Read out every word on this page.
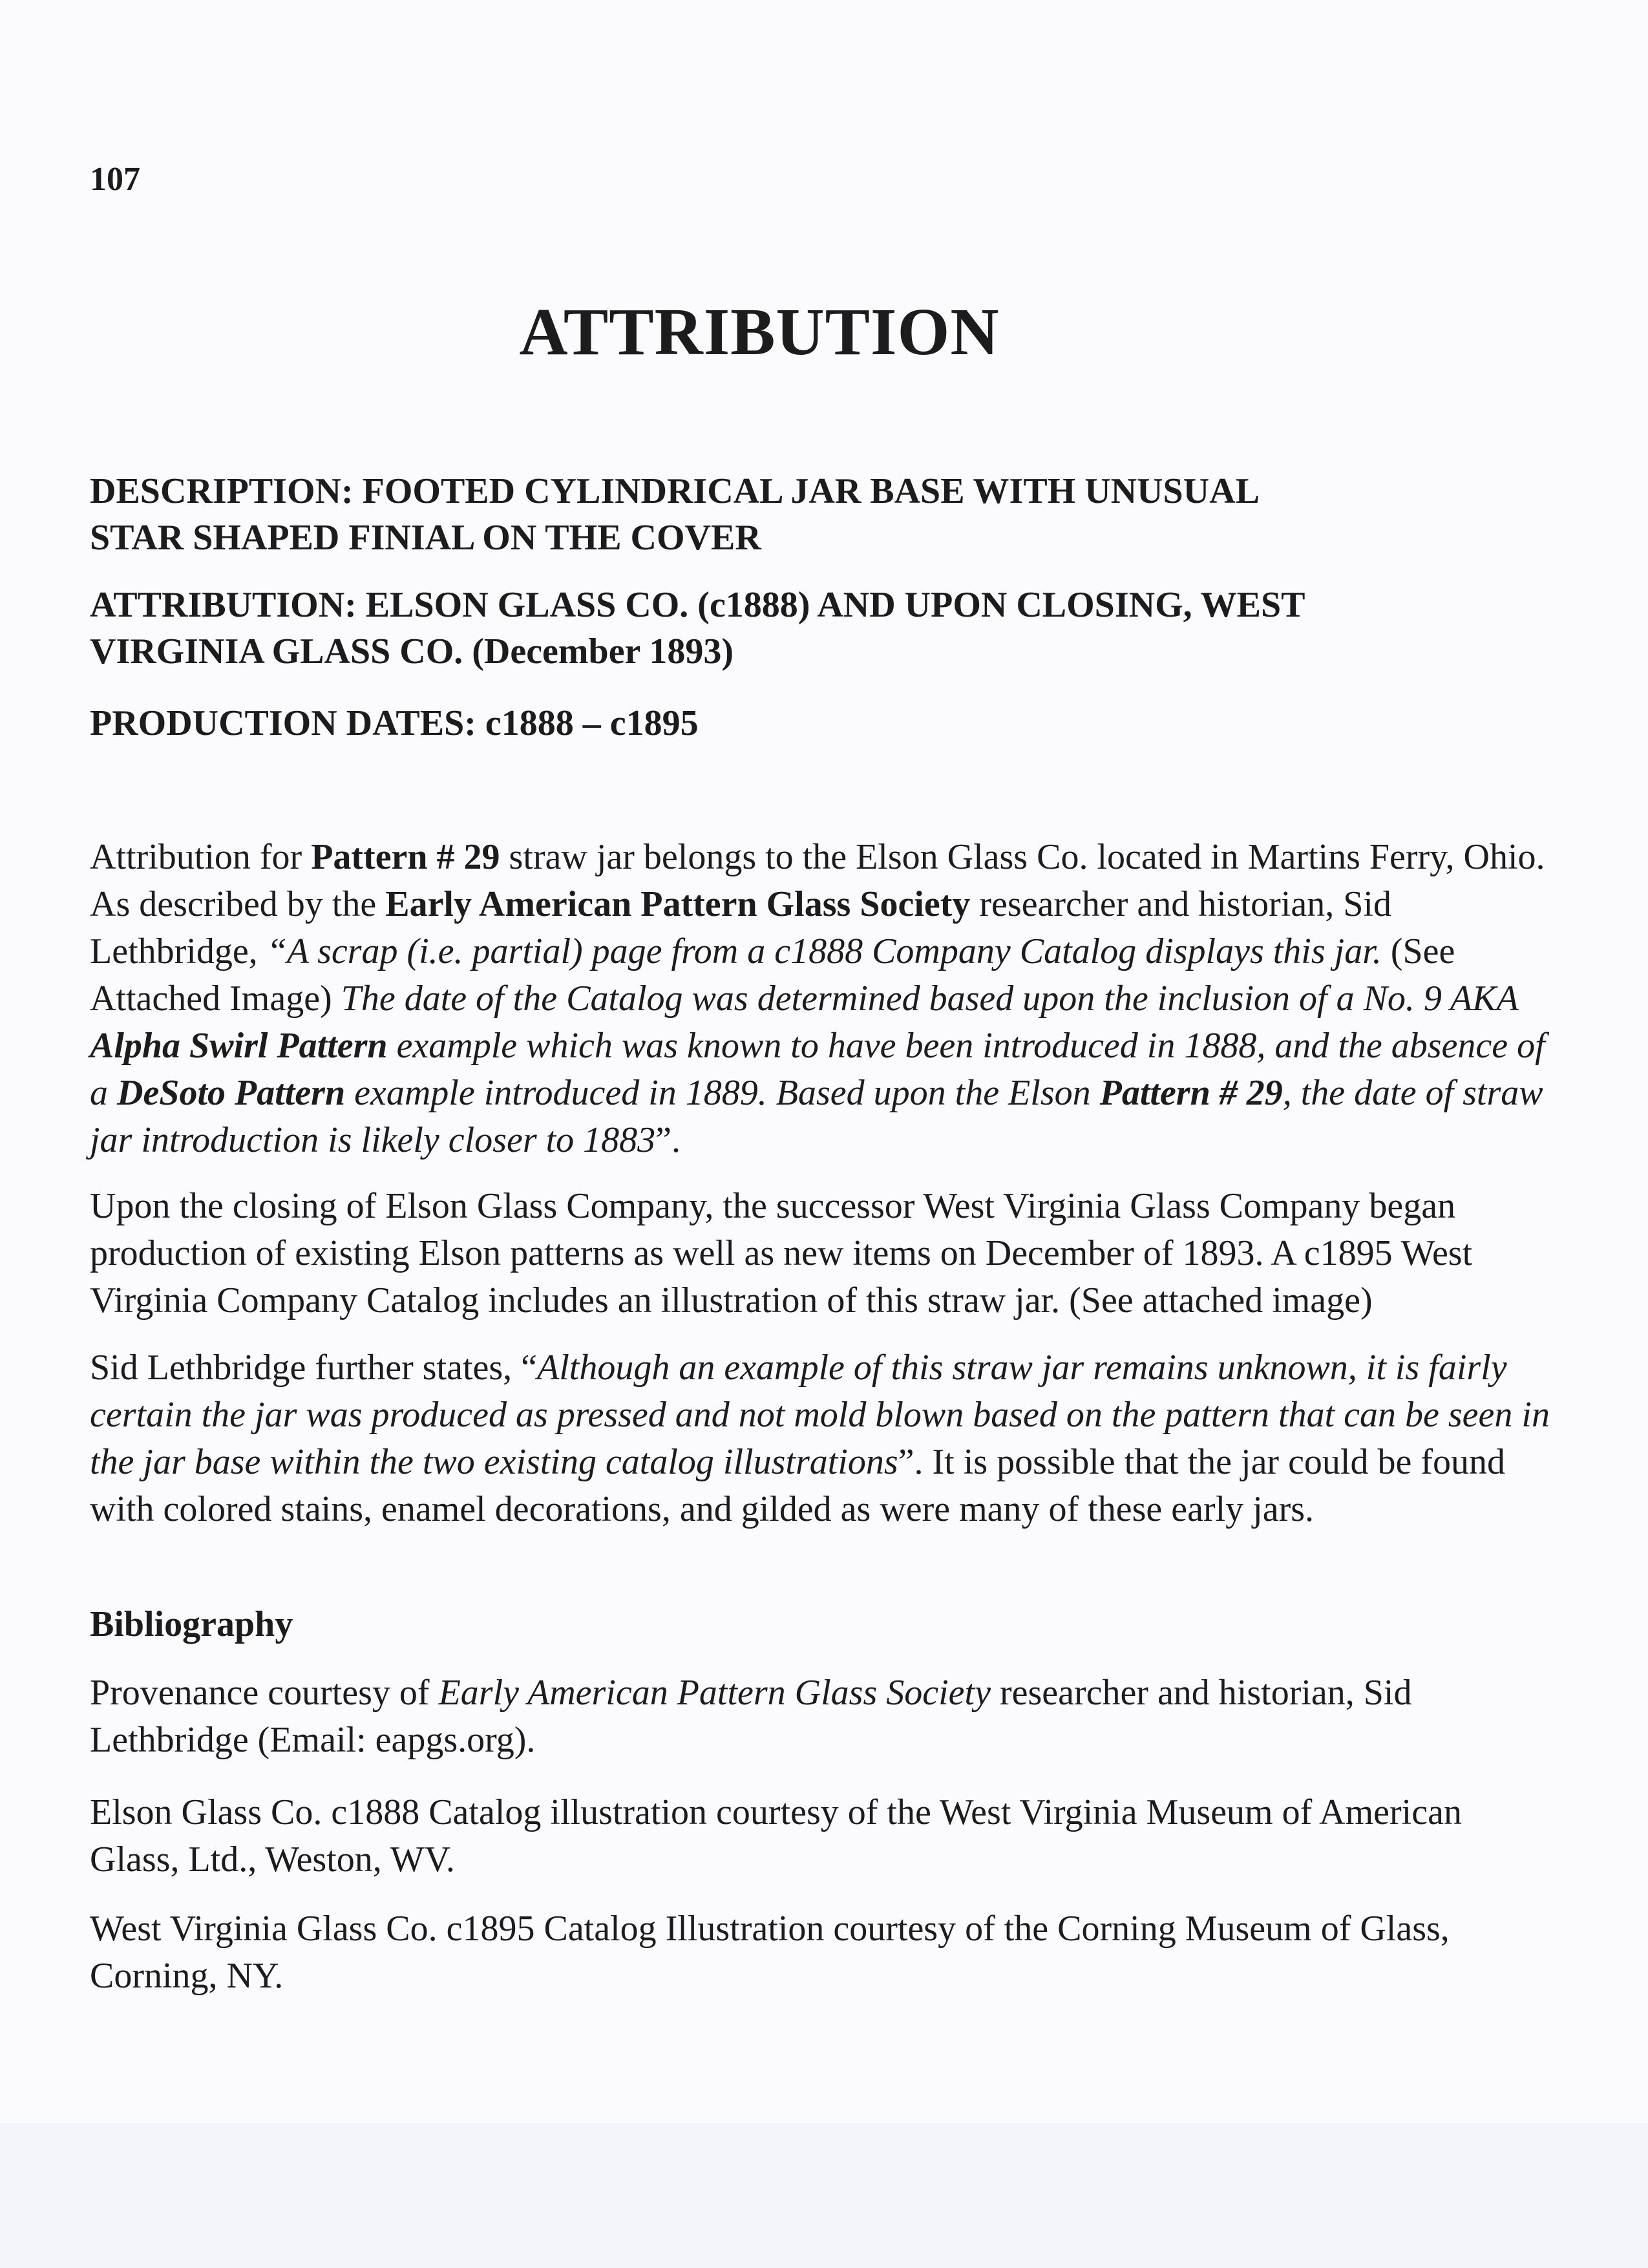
107
ATTRIBUTION
DESCRIPTION: FOOTED CYLINDRICAL JAR BASE WITH UNUSUAL
STAR SHAPED FINIAL ON THE COVER
ATTRIBUTION: ELSON GLASS CO. (c1888) AND UPON CLOSING, WEST
VIRGINIA GLASS CO. (December 1893)
PRODUCTION DATES: c1888 – c1895
Attribution for Pattern # 29 straw jar belongs to the Elson Glass Co. located in Martins Ferry, Ohio. As described by the Early American Pattern Glass Society researcher and historian, Sid Lethbridge, “A scrap (i.e. partial) page from a c1888 Company Catalog displays this jar. (See Attached Image) The date of the Catalog was determined based upon the inclusion of a No. 9 AKA Alpha Swirl Pattern example which was known to have been introduced in 1888, and the absence of a DeSoto Pattern example introduced in 1889. Based upon the Elson Pattern # 29, the date of straw jar introduction is likely closer to 1883”.
Upon the closing of Elson Glass Company, the successor West Virginia Glass Company began production of existing Elson patterns as well as new items on December of 1893. A c1895 West Virginia Company Catalog includes an illustration of this straw jar. (See attached image)
Sid Lethbridge further states, “Although an example of this straw jar remains unknown, it is fairly certain the jar was produced as pressed and not mold blown based on the pattern that can be seen in the jar base within the two existing catalog illustrations”. It is possible that the jar could be found with colored stains, enamel decorations, and gilded as were many of these early jars.
Bibliography
Provenance courtesy of Early American Pattern Glass Society researcher and historian, Sid Lethbridge (Email: eapgs.org).
Elson Glass Co. c1888 Catalog illustration courtesy of the West Virginia Museum of American Glass, Ltd., Weston, WV.
West Virginia Glass Co. c1895 Catalog Illustration courtesy of the Corning Museum of Glass, Corning, NY.
